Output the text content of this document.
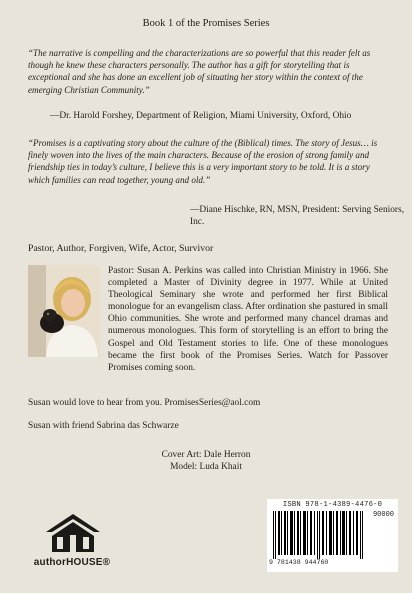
Book 1 of the Promises Series
“The narrative is compelling and the characterizations are so powerful that this reader felt as though he knew these characters personally. The author has a gift for storytelling that is exceptional and she has done an excellent job of situating her story within the context of the emerging Christian Community.”
—Dr. Harold Forshey, Department of Religion, Miami University, Oxford, Ohio
“Promises is a captivating story about the culture of the (Biblical) times. The story of Jesus… is finely woven into the lives of the main characters. Because of the erosion of strong family and friendship ties in today’s culture, I believe this is a very important story to be told. It is a story which families can read together, young and old.”
—Diane Hischke, RN, MSN, President: Serving Seniors, Inc.
Pastor, Author, Forgiven, Wife, Actor, Survivor
Pastor: Susan A. Perkins was called into Christian Ministry in 1966. She completed a Master of Divinity degree in 1977. While at United Theological Seminary she wrote and performed her first Biblical monologue for an evangelism class. After ordination she pastured in small Ohio communities. She wrote and performed many chancel dramas and numerous monologues. This form of storytelling is an effort to bring the Gospel and Old Testament stories to life. One of these monologues became the first book of the Promises Series. Watch for Passover Promises coming soon.
Susan would love to hear from you. PromisesSeries@aol.com
Susan with friend Sabrina das Schwarze
Cover Art: Dale Herron
Model: Luda Khait
authorHOUSE®
ISBN 978-1-4389-4476-0
90000
9 781438 944760
